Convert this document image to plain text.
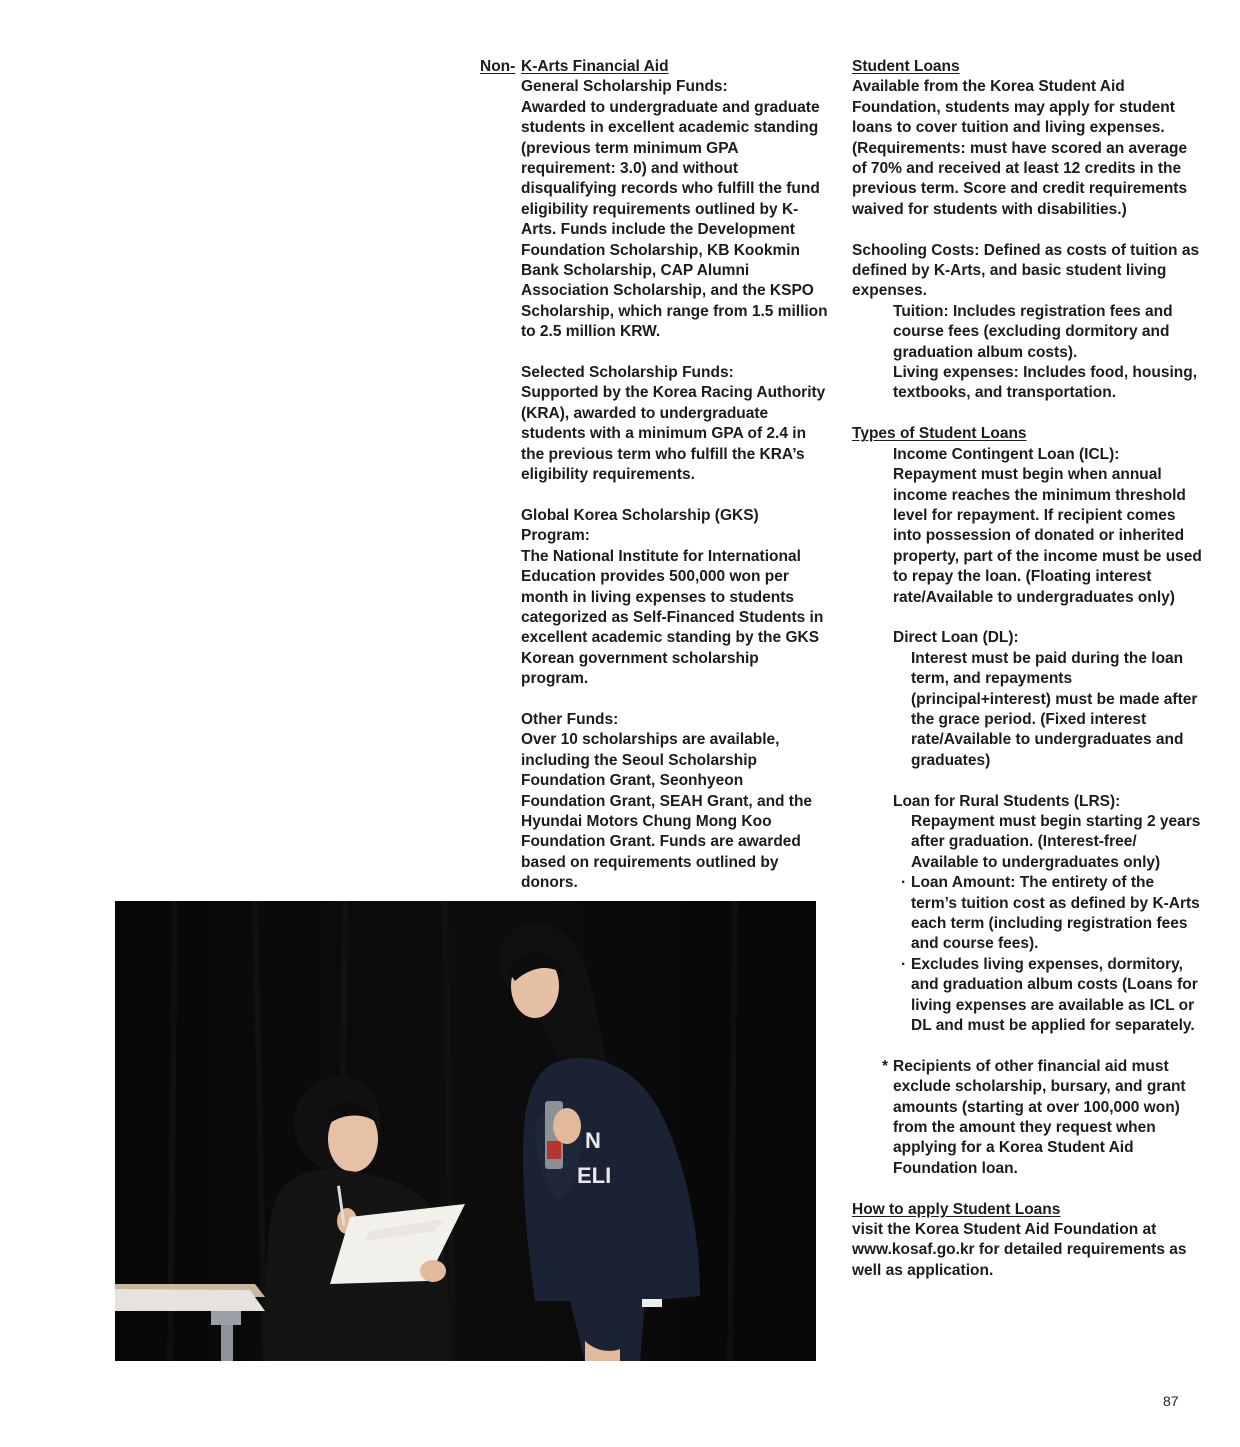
Non- K-Arts Financial Aid

General Scholarship Funds:

Awarded to undergraduate and graduate students in excellent academic standing (previous term minimum GPA requirement: 3.0) and without disqualifying records who fulfill the fund eligibility requirements outlined by K-Arts. Funds include the Development Foundation Scholarship, KB Kookmin Bank Scholarship, CAP Alumni Association Scholarship, and the KSPO Scholarship, which range from 1.5 million to 2.5 million KRW.

Selected Scholarship Funds:

Supported by the Korea Racing Authority (KRA), awarded to undergraduate students with a minimum GPA of 2.4 in the previous term who fulfill the KRA’s eligibility requirements.

Global Korea Scholarship (GKS) Program:

The National Institute for International Education provides 500,000 won per month in living expenses to students categorized as Self-Financed Students in excellent academic standing by the GKS Korean government scholarship program.

Other Funds:

Over 10 scholarships are available, including the Seoul Scholarship Foundation Grant, Seonhyeon Foundation Grant, SEAH Grant, and the Hyundai Motors Chung Mong Koo Foundation Grant. Funds are awarded based on requirements outlined by donors.

Student Loans

Available from the Korea Student Aid Foundation, students may apply for student loans to cover tuition and living expenses. (Requirements: must have scored an average of 70% and received at least 12 credits in the previous term. Score and credit requirements waived for students with disabilities.)

Schooling Costs: Defined as costs of tuition as defined by K-Arts, and basic student living expenses.

Tuition: Includes registration fees and course fees (excluding dormitory and graduation album costs).

Living expenses: Includes food, housing, textbooks, and transportation.

Types of Student Loans

Income Contingent Loan (ICL):

Repayment must begin when annual income reaches the minimum threshold level for repayment. If recipient comes into possession of donated or inherited property, part of the income must be used to repay the loan. (Floating interest rate/Available to undergraduates only)

Direct Loan (DL):

Interest must be paid during the loan term, and repayments (principal+interest) must be made after the grace period. (Fixed interest rate/Available to undergraduates and graduates)

Loan for Rural Students (LRS):

Repayment must begin starting 2 years after graduation. (Interest-free/ Available to undergraduates only)

· Loan Amount: The entirety of the term’s tuition cost as defined by K-Arts each term (including registration fees and course fees).
· Excludes living expenses, dormitory, and graduation album costs (Loans for living expenses are available as ICL or DL and must be applied for separately.
* Recipients of other financial aid must exclude scholarship, bursary, and grant amounts (starting at over 100,000 won) from the amount they request when applying for a Korea Student Aid Foundation loan.
How to apply Student Loans

visit the Korea Student Aid Foundation at www.kosaf.go.kr for detailed requirements as well as application.

N
ELI
87
